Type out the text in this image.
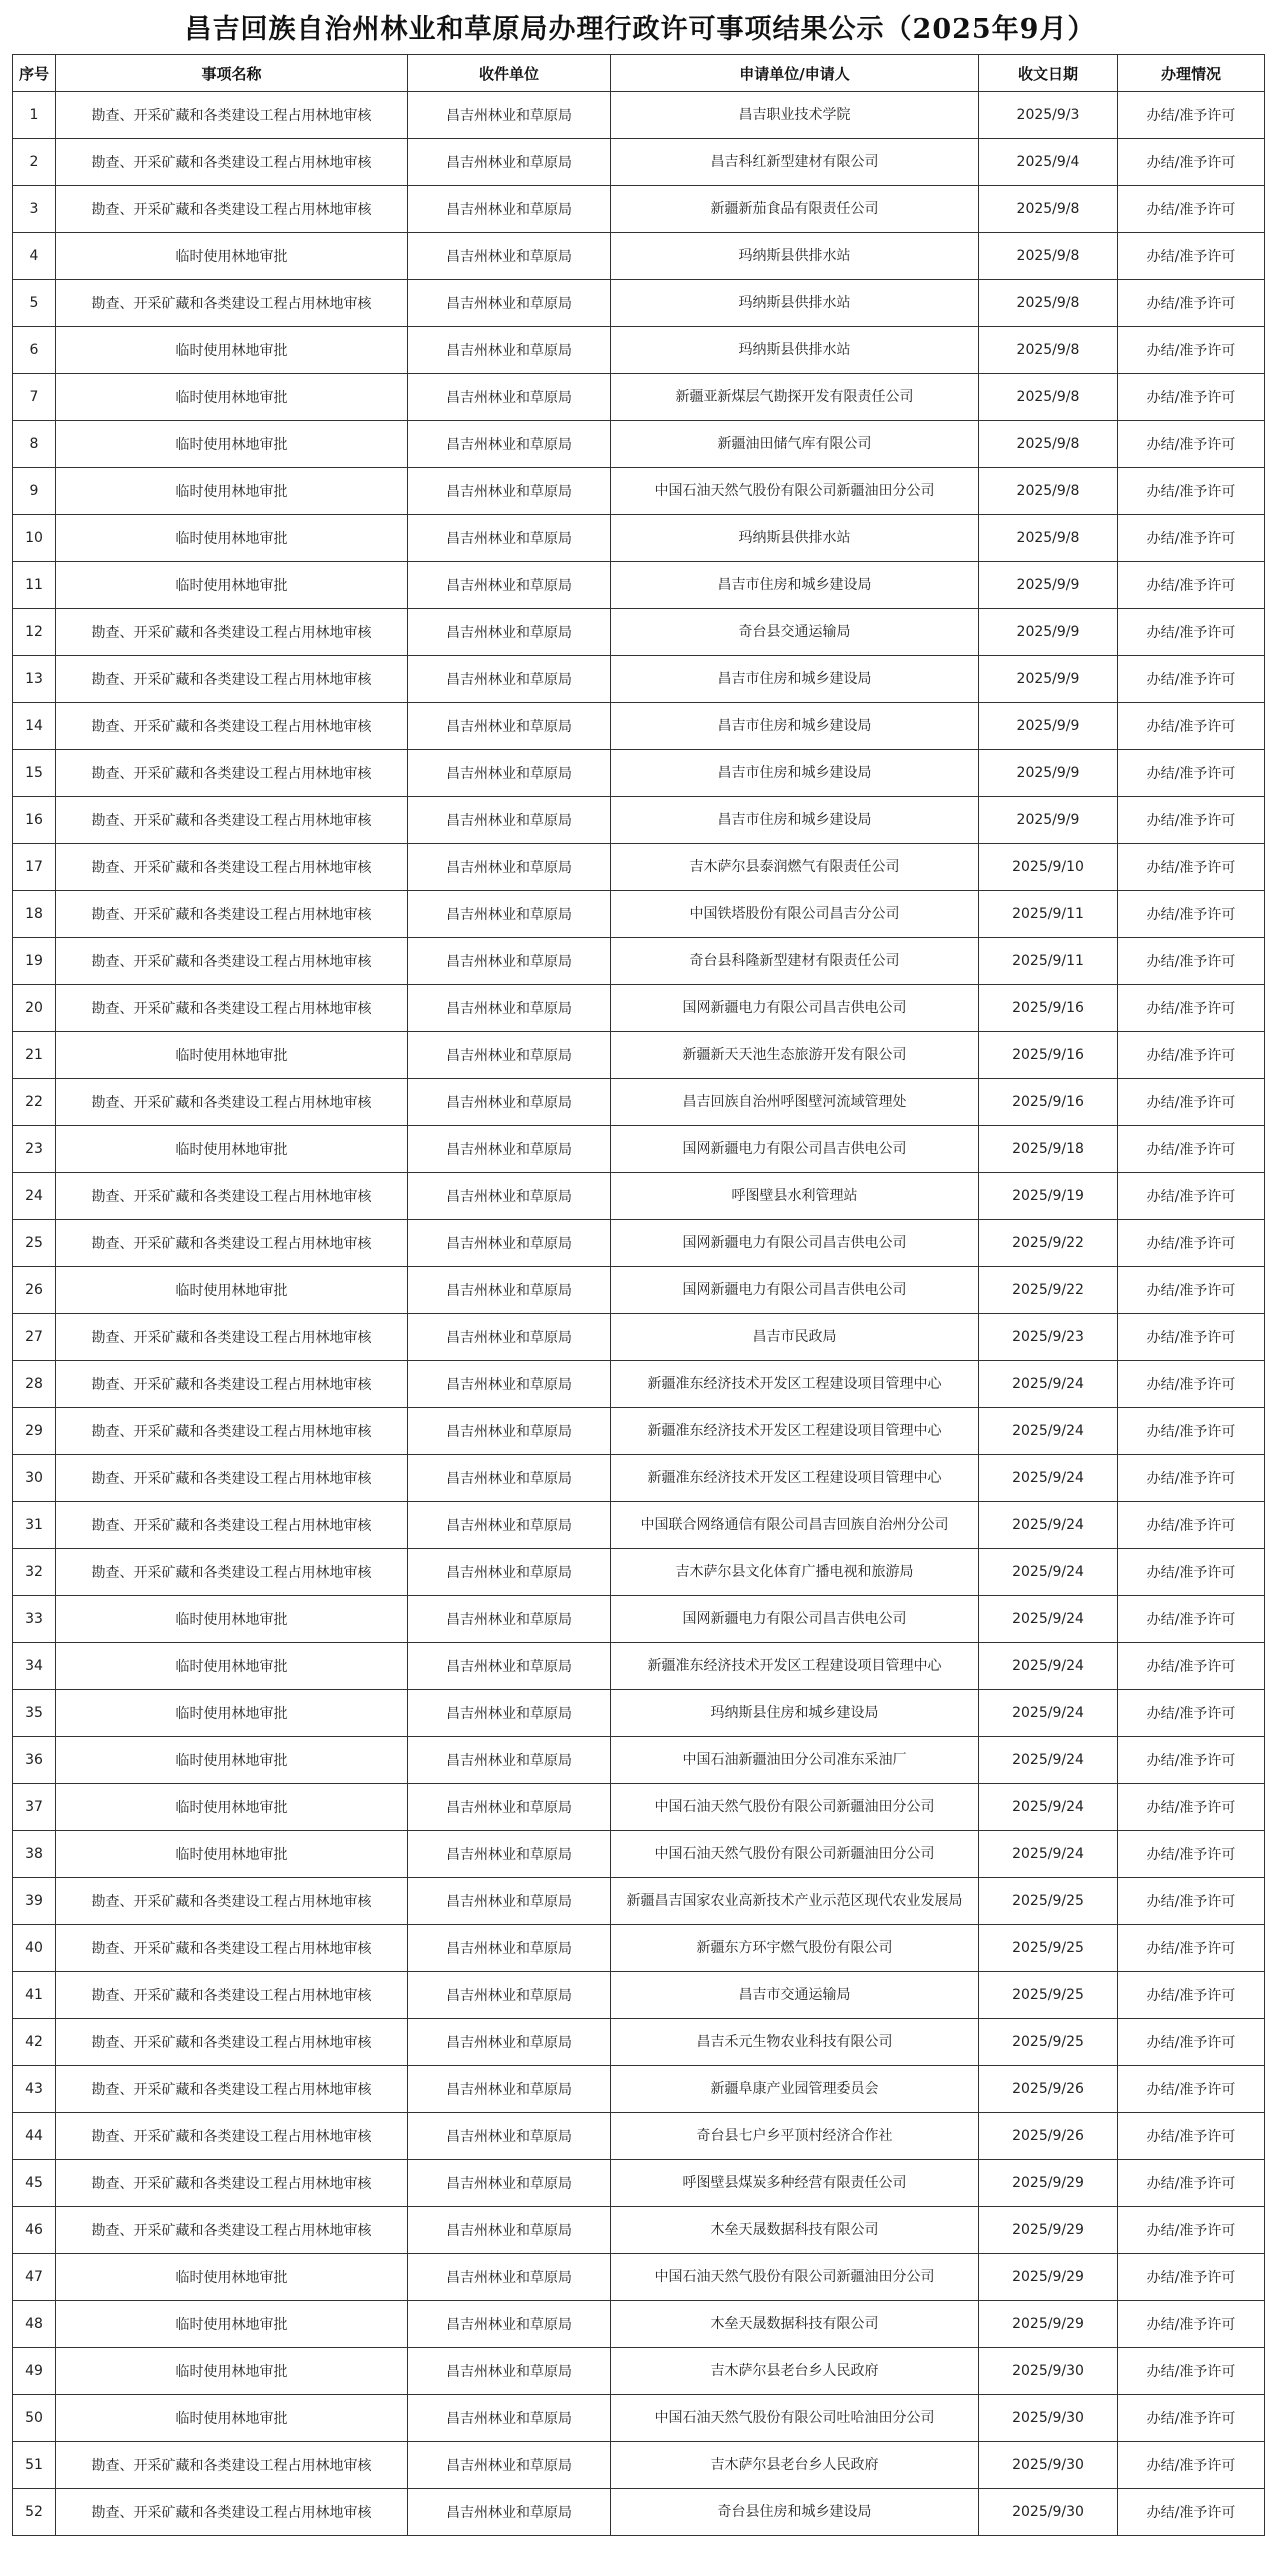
昌吉回族自治州林业和草原局办理行政许可事项结果公示（2025年9月）
序号	事项名称	收件单位	申请单位/申请人	收文日期	办理情况
1	勘查、开采矿藏和各类建设工程占用林地审核	昌吉州林业和草原局	昌吉职业技术学院	2025/9/3	办结/准予许可
2	勘查、开采矿藏和各类建设工程占用林地审核	昌吉州林业和草原局	昌吉科红新型建材有限公司	2025/9/4	办结/准予许可
3	勘查、开采矿藏和各类建设工程占用林地审核	昌吉州林业和草原局	新疆新茄食品有限责任公司	2025/9/8	办结/准予许可
4	临时使用林地审批	昌吉州林业和草原局	玛纳斯县供排水站	2025/9/8	办结/准予许可
5	勘查、开采矿藏和各类建设工程占用林地审核	昌吉州林业和草原局	玛纳斯县供排水站	2025/9/8	办结/准予许可
6	临时使用林地审批	昌吉州林业和草原局	玛纳斯县供排水站	2025/9/8	办结/准予许可
7	临时使用林地审批	昌吉州林业和草原局	新疆亚新煤层气勘探开发有限责任公司	2025/9/8	办结/准予许可
8	临时使用林地审批	昌吉州林业和草原局	新疆油田储气库有限公司	2025/9/8	办结/准予许可
9	临时使用林地审批	昌吉州林业和草原局	中国石油天然气股份有限公司新疆油田分公司	2025/9/8	办结/准予许可
10	临时使用林地审批	昌吉州林业和草原局	玛纳斯县供排水站	2025/9/8	办结/准予许可
11	临时使用林地审批	昌吉州林业和草原局	昌吉市住房和城乡建设局	2025/9/9	办结/准予许可
12	勘查、开采矿藏和各类建设工程占用林地审核	昌吉州林业和草原局	奇台县交通运输局	2025/9/9	办结/准予许可
13	勘查、开采矿藏和各类建设工程占用林地审核	昌吉州林业和草原局	昌吉市住房和城乡建设局	2025/9/9	办结/准予许可
14	勘查、开采矿藏和各类建设工程占用林地审核	昌吉州林业和草原局	昌吉市住房和城乡建设局	2025/9/9	办结/准予许可
15	勘查、开采矿藏和各类建设工程占用林地审核	昌吉州林业和草原局	昌吉市住房和城乡建设局	2025/9/9	办结/准予许可
16	勘查、开采矿藏和各类建设工程占用林地审核	昌吉州林业和草原局	昌吉市住房和城乡建设局	2025/9/9	办结/准予许可
17	勘查、开采矿藏和各类建设工程占用林地审核	昌吉州林业和草原局	吉木萨尔县泰润燃气有限责任公司	2025/9/10	办结/准予许可
18	勘查、开采矿藏和各类建设工程占用林地审核	昌吉州林业和草原局	中国铁塔股份有限公司昌吉分公司	2025/9/11	办结/准予许可
19	勘查、开采矿藏和各类建设工程占用林地审核	昌吉州林业和草原局	奇台县科隆新型建材有限责任公司	2025/9/11	办结/准予许可
20	勘查、开采矿藏和各类建设工程占用林地审核	昌吉州林业和草原局	国网新疆电力有限公司昌吉供电公司	2025/9/16	办结/准予许可
21	临时使用林地审批	昌吉州林业和草原局	新疆新天天池生态旅游开发有限公司	2025/9/16	办结/准予许可
22	勘查、开采矿藏和各类建设工程占用林地审核	昌吉州林业和草原局	昌吉回族自治州呼图壁河流域管理处	2025/9/16	办结/准予许可
23	临时使用林地审批	昌吉州林业和草原局	国网新疆电力有限公司昌吉供电公司	2025/9/18	办结/准予许可
24	勘查、开采矿藏和各类建设工程占用林地审核	昌吉州林业和草原局	呼图壁县水利管理站	2025/9/19	办结/准予许可
25	勘查、开采矿藏和各类建设工程占用林地审核	昌吉州林业和草原局	国网新疆电力有限公司昌吉供电公司	2025/9/22	办结/准予许可
26	临时使用林地审批	昌吉州林业和草原局	国网新疆电力有限公司昌吉供电公司	2025/9/22	办结/准予许可
27	勘查、开采矿藏和各类建设工程占用林地审核	昌吉州林业和草原局	昌吉市民政局	2025/9/23	办结/准予许可
28	勘查、开采矿藏和各类建设工程占用林地审核	昌吉州林业和草原局	新疆准东经济技术开发区工程建设项目管理中心	2025/9/24	办结/准予许可
29	勘查、开采矿藏和各类建设工程占用林地审核	昌吉州林业和草原局	新疆准东经济技术开发区工程建设项目管理中心	2025/9/24	办结/准予许可
30	勘查、开采矿藏和各类建设工程占用林地审核	昌吉州林业和草原局	新疆准东经济技术开发区工程建设项目管理中心	2025/9/24	办结/准予许可
31	勘查、开采矿藏和各类建设工程占用林地审核	昌吉州林业和草原局	中国联合网络通信有限公司昌吉回族自治州分公司	2025/9/24	办结/准予许可
32	勘查、开采矿藏和各类建设工程占用林地审核	昌吉州林业和草原局	吉木萨尔县文化体育广播电视和旅游局	2025/9/24	办结/准予许可
33	临时使用林地审批	昌吉州林业和草原局	国网新疆电力有限公司昌吉供电公司	2025/9/24	办结/准予许可
34	临时使用林地审批	昌吉州林业和草原局	新疆准东经济技术开发区工程建设项目管理中心	2025/9/24	办结/准予许可
35	临时使用林地审批	昌吉州林业和草原局	玛纳斯县住房和城乡建设局	2025/9/24	办结/准予许可
36	临时使用林地审批	昌吉州林业和草原局	中国石油新疆油田分公司准东采油厂	2025/9/24	办结/准予许可
37	临时使用林地审批	昌吉州林业和草原局	中国石油天然气股份有限公司新疆油田分公司	2025/9/24	办结/准予许可
38	临时使用林地审批	昌吉州林业和草原局	中国石油天然气股份有限公司新疆油田分公司	2025/9/24	办结/准予许可
39	勘查、开采矿藏和各类建设工程占用林地审核	昌吉州林业和草原局	新疆昌吉国家农业高新技术产业示范区现代农业发展局	2025/9/25	办结/准予许可
40	勘查、开采矿藏和各类建设工程占用林地审核	昌吉州林业和草原局	新疆东方环宇燃气股份有限公司	2025/9/25	办结/准予许可
41	勘查、开采矿藏和各类建设工程占用林地审核	昌吉州林业和草原局	昌吉市交通运输局	2025/9/25	办结/准予许可
42	勘查、开采矿藏和各类建设工程占用林地审核	昌吉州林业和草原局	昌吉禾元生物农业科技有限公司	2025/9/25	办结/准予许可
43	勘查、开采矿藏和各类建设工程占用林地审核	昌吉州林业和草原局	新疆阜康产业园管理委员会	2025/9/26	办结/准予许可
44	勘查、开采矿藏和各类建设工程占用林地审核	昌吉州林业和草原局	奇台县七户乡平顶村经济合作社	2025/9/26	办结/准予许可
45	勘查、开采矿藏和各类建设工程占用林地审核	昌吉州林业和草原局	呼图壁县煤炭多种经营有限责任公司	2025/9/29	办结/准予许可
46	勘查、开采矿藏和各类建设工程占用林地审核	昌吉州林业和草原局	木垒天晟数据科技有限公司	2025/9/29	办结/准予许可
47	临时使用林地审批	昌吉州林业和草原局	中国石油天然气股份有限公司新疆油田分公司	2025/9/29	办结/准予许可
48	临时使用林地审批	昌吉州林业和草原局	木垒天晟数据科技有限公司	2025/9/29	办结/准予许可
49	临时使用林地审批	昌吉州林业和草原局	吉木萨尔县老台乡人民政府	2025/9/30	办结/准予许可
50	临时使用林地审批	昌吉州林业和草原局	中国石油天然气股份有限公司吐哈油田分公司	2025/9/30	办结/准予许可
51	勘查、开采矿藏和各类建设工程占用林地审核	昌吉州林业和草原局	吉木萨尔县老台乡人民政府	2025/9/30	办结/准予许可
52	勘查、开采矿藏和各类建设工程占用林地审核	昌吉州林业和草原局	奇台县住房和城乡建设局	2025/9/30	办结/准予许可
